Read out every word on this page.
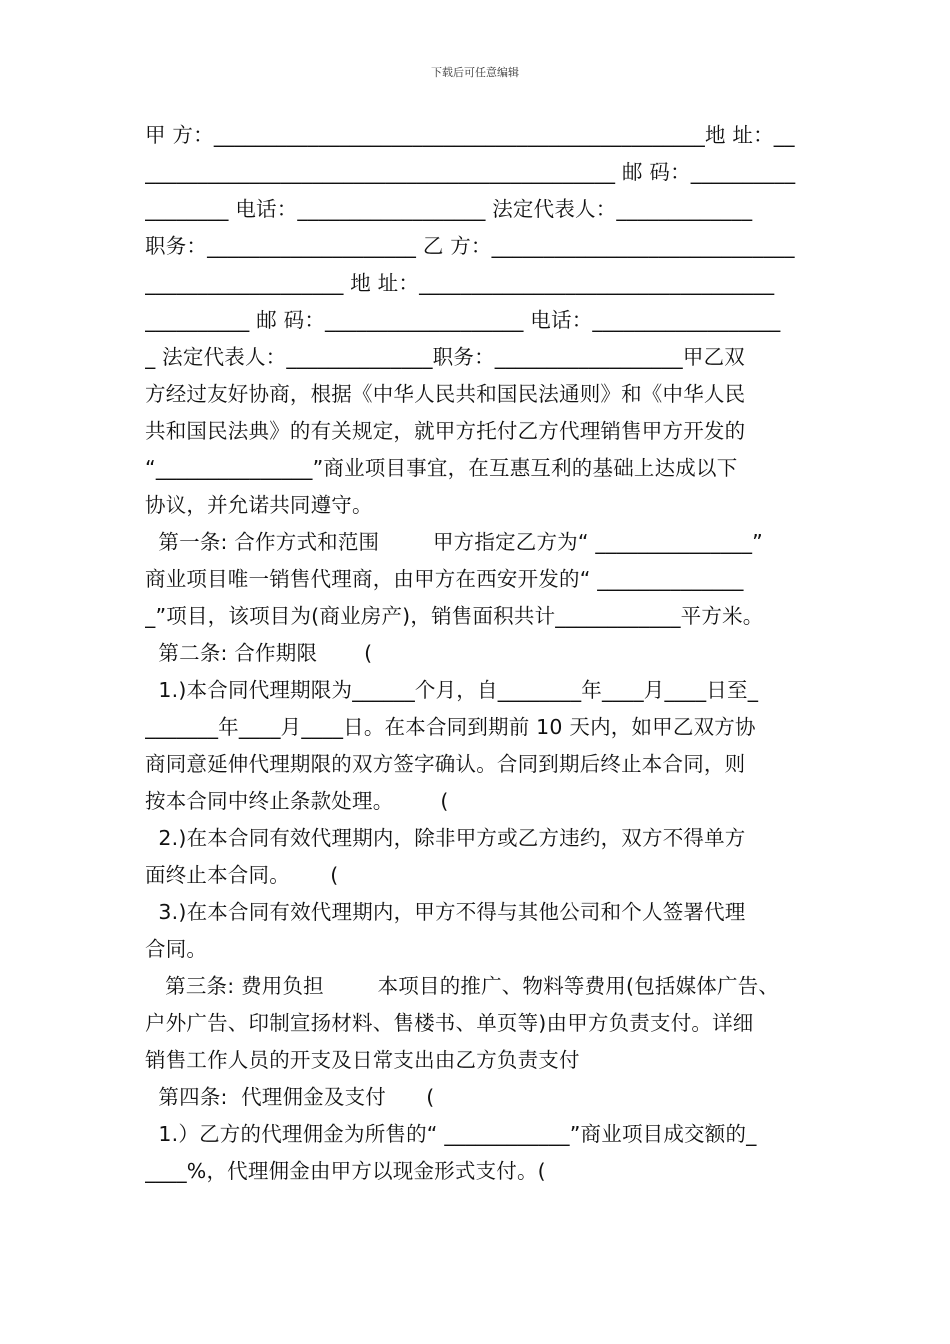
下载后可任意编辑
甲 方：_______________________________________________地 址：__
_____________________________________________ 邮 码：__________
________ 电话：__________________ 法定代表人：_____________
职务：____________________ 乙 方：_____________________________
___________________ 地 址：__________________________________
__________ 邮 码：___________________ 电话：__________________
_ 法定代表人：______________职务：__________________甲乙双
方经过友好协商，根据《中华人民共和国民法通则》和《中华人民
共和国民法典》的有关规定，就甲方托付乙方代理销售甲方开发的
“_______________”商业项目事宜，在互惠互利的基础上达成以下
协议，并允诺共同遵守。
第一条: 合作方式和范围        甲方指定乙方为“ _______________”
商业项目唯一销售代理商，由甲方在西安开发的“ ______________
_”项目，该项目为(商业房产)，销售面积共计____________平方米。
第二条: 合作期限       (
1.)本合同代理期限为______个月，自________年____月____日至_
_______年____月____日。在本合同到期前 10 天内，如甲乙双方协
商同意延伸代理期限的双方签字确认。合同到期后终止本合同，则
按本合同中终止条款处理。       (
2.)在本合同有效代理期内，除非甲方或乙方违约，双方不得单方
面终止本合同。      (
3.)在本合同有效代理期内，甲方不得与其他公司和个人签署代理
合同。
第三条: 费用负担        本项目的推广、物料等费用(包括媒体广告、
户外广告、印制宣扬材料、售楼书、单页等)由甲方负责支付。详细
销售工作人员的开支及日常支出由乙方负责支付
第四条:  代理佣金及支付      (
1.）乙方的代理佣金为所售的“ ____________”商业项目成交额的_
____%，代理佣金由甲方以现金形式支付。(
